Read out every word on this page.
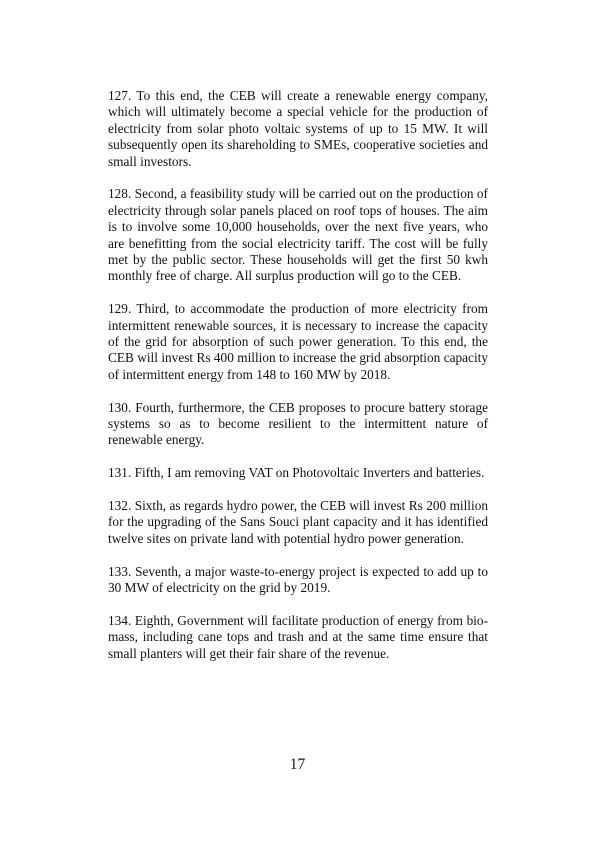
127. To this end, the CEB will create a renewable energy company, which will ultimately become a special vehicle for the production of electricity from solar photo voltaic systems of up to 15 MW. It will subsequently open its shareholding to SMEs, cooperative societies and small investors.

128. Second, a feasibility study will be carried out on the production of electricity through solar panels placed on roof tops of houses. The aim is to involve some 10,000 households, over the next five years, who are benefitting from the social electricity tariff. The cost will be fully met by the public sector. These households will get the first 50 kwh monthly free of charge. All surplus production will go to the CEB.

129. Third, to accommodate the production of more electricity from intermittent renewable sources, it is necessary to increase the capacity of the grid for absorption of such power generation. To this end, the CEB will invest Rs 400 million to increase the grid absorption capacity of intermittent energy from 148 to 160 MW by 2018.

130. Fourth, furthermore, the CEB proposes to procure battery storage systems so as to become resilient to the intermittent nature of renewable energy.

131. Fifth, I am removing VAT on Photovoltaic Inverters and batteries.

132. Sixth, as regards hydro power, the CEB will invest Rs 200 million for the upgrading of the Sans Souci plant capacity and it has identified twelve sites on private land with potential hydro power generation.

133. Seventh, a major waste-to-energy project is expected to add up to 30 MW of electricity on the grid by 2019.

134. Eighth, Government will facilitate production of energy from bio-mass, including cane tops and trash and at the same time ensure that small planters will get their fair share of the revenue.

17
